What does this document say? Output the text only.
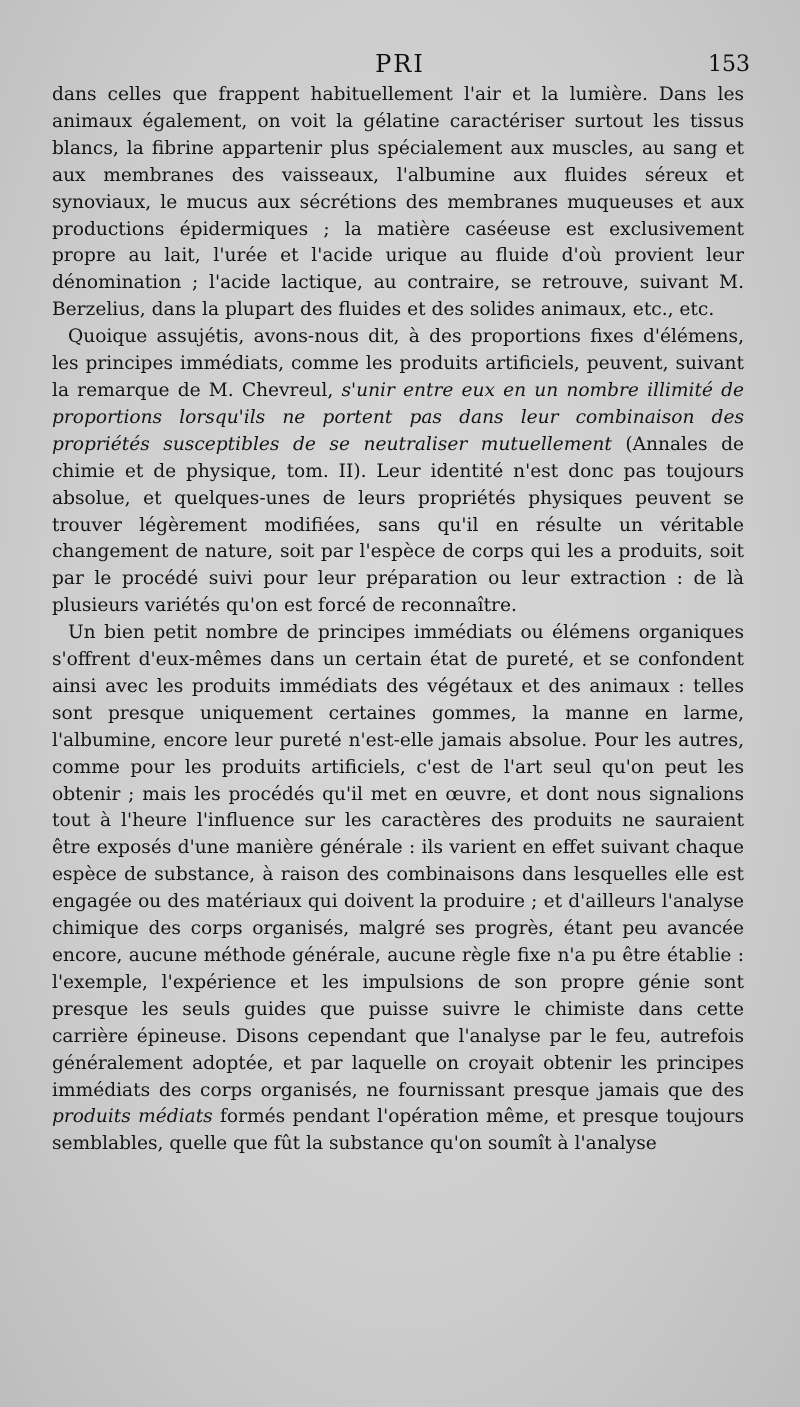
PRI	153

dans celles que frappent habituellement l'air et la lumière. Dans les animaux également, on voit la gélatine caractériser surtout les tissus blancs, la fibrine appartenir plus spécialement aux muscles, au sang et aux membranes des vaisseaux, l'albumine aux fluides séreux et synoviaux, le mucus aux sécrétions des membranes muqueuses et aux productions épidermiques ; la matière caséeuse est exclusivement propre au lait, l'urée et l'acide urique au fluide d'où provient leur dénomination ; l'acide lactique, au contraire, se retrouve, suivant M. Berzelius, dans la plupart des fluides et des solides animaux, etc., etc.

Quoique assujétis, avons-nous dit, à des proportions fixes d'élémens, les principes immédiats, comme les produits artificiels, peuvent, suivant la remarque de M. Chevreul, s'unir entre eux en un nombre illimité de proportions lorsqu'ils ne portent pas dans leur combinaison des propriétés susceptibles de se neutraliser mutuellement (Annales de chimie et de physique, tom. II). Leur identité n'est donc pas toujours absolue, et quelques-unes de leurs propriétés physiques peuvent se trouver légèrement modifiées, sans qu'il en résulte un véritable changement de nature, soit par l'espèce de corps qui les a produits, soit par le procédé suivi pour leur préparation ou leur extraction : de là plusieurs variétés qu'on est forcé de reconnaître.

Un bien petit nombre de principes immédiats ou élémens organiques s'offrent d'eux-mêmes dans un certain état de pureté, et se confondent ainsi avec les produits immédiats des végétaux et des animaux : telles sont presque uniquement certaines gommes, la manne en larme, l'albumine, encore leur pureté n'est-elle jamais absolue. Pour les autres, comme pour les produits artificiels, c'est de l'art seul qu'on peut les obtenir ; mais les procédés qu'il met en œuvre, et dont nous signalions tout à l'heure l'influence sur les caractères des produits ne sauraient être exposés d'une manière générale : ils varient en effet suivant chaque espèce de substance, à raison des combinaisons dans lesquelles elle est engagée ou des matériaux qui doivent la produire ; et d'ailleurs l'analyse chimique des corps organisés, malgré ses progrès, étant peu avancée encore, aucune méthode générale, aucune règle fixe n'a pu être établie : l'exemple, l'expérience et les impulsions de son propre génie sont presque les seuls guides que puisse suivre le chimiste dans cette carrière épineuse. Disons cependant que l'analyse par le feu, autrefois généralement adoptée, et par laquelle on croyait obtenir les principes immédiats des corps organisés, ne fournissant presque jamais que des produits médiats formés pendant l'opération même, et presque toujours semblables, quelle que fût la substance qu'on soumît à l'analyse
